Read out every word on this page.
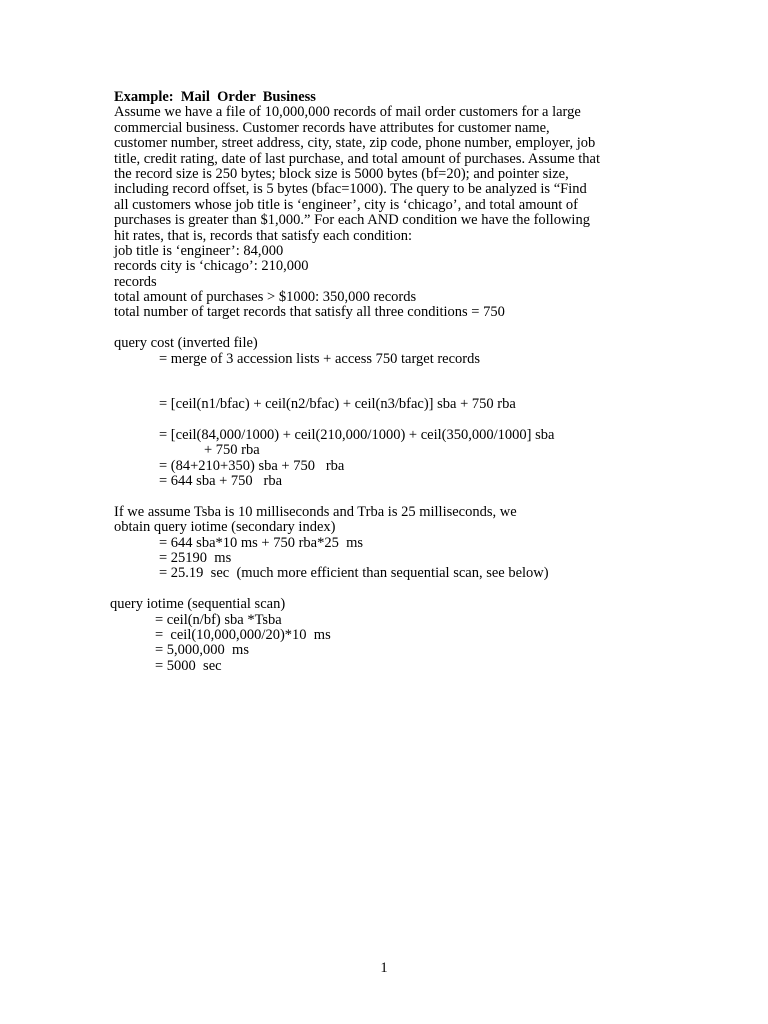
Example:  Mail  Order  Business
Assume we have a file of 10,000,000 records of mail order customers for a large
commercial business. Customer records have attributes for customer name,
customer number, street address, city, state, zip code, phone number, employer, job
title, credit rating, date of last purchase, and total amount of purchases. Assume that
the record size is 250 bytes; block size is 5000 bytes (bf=20); and pointer size,
including record offset, is 5 bytes (bfac=1000). The query to be analyzed is “Find
all customers whose job title is ‘engineer’, city is ‘chicago’, and total amount of
purchases is greater than $1,000.” For each AND condition we have the following
hit rates, that is, records that satisfy each condition:
job title is ‘engineer’: 84,000
records city is ‘chicago’: 210,000
records
total amount of purchases > $1000: 350,000 records
total number of target records that satisfy all three conditions = 750
query cost (inverted file)
= merge of 3 accession lists + access 750 target records
= [ceil(n1/bfac) + ceil(n2/bfac) + ceil(n3/bfac)] sba + 750 rba
= [ceil(84,000/1000) + ceil(210,000/1000) + ceil(350,000/1000] sba
+ 750 rba
= (84+210+350) sba + 750   rba
= 644 sba + 750   rba
If we assume Tsba is 10 milliseconds and Trba is 25 milliseconds, we
obtain query iotime (secondary index)
= 644 sba*10 ms + 750 rba*25  ms
= 25190  ms
= 25.19  sec  (much more efficient than sequential scan, see below)
query iotime (sequential scan)
= ceil(n/bf) sba *Tsba
=  ceil(10,000,000/20)*10  ms
= 5,000,000  ms
= 5000  sec
1
